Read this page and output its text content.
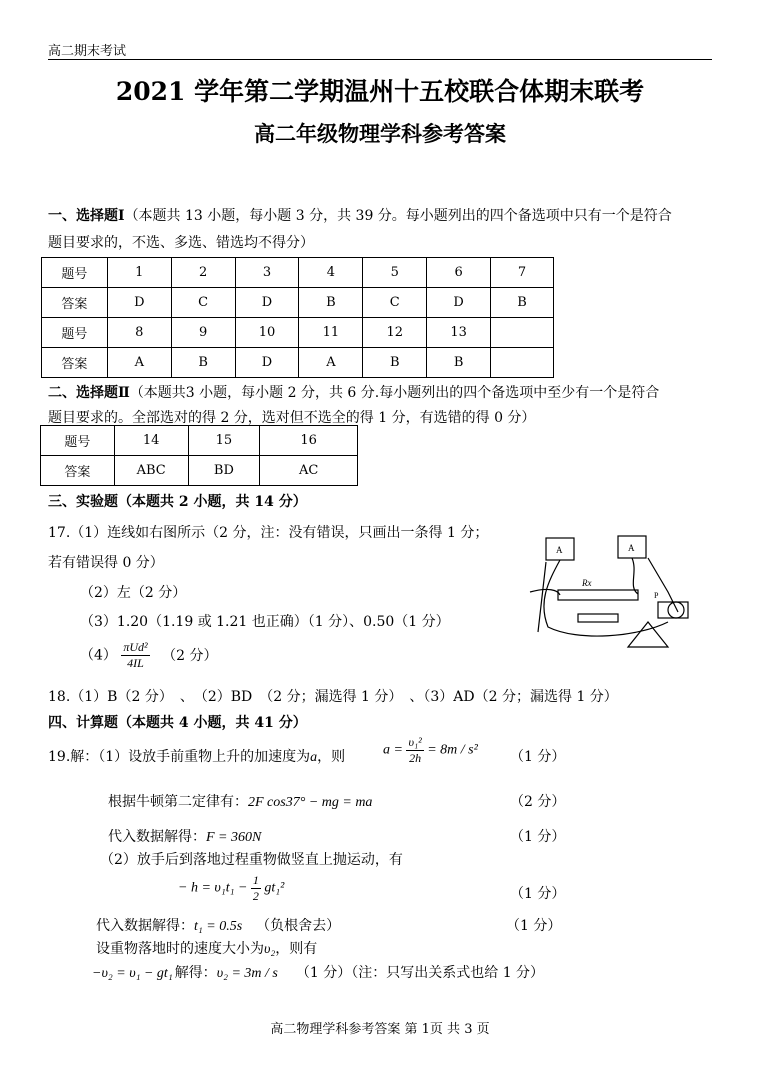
高二期末考试
2021 学年第二学期温州十五校联合体期末联考
高二年级物理学科参考答案
一、选择题Ⅰ（本题共 13 小题，每小题 3 分，共 39 分。每小题列出的四个备选项中只有一个是符合
题目要求的，不选、多选、错选均不得分）
题号	1	2	3	4	5	6	7
答案	D	C	D	B	C	D	B
题号	8	9	10	11	12	13	
答案	A	B	D	A	B	B	
二、选择题Ⅱ（本题共3 小题，每小题 2 分，共 6 分.每小题列出的四个备选项中至少有一个是符合
题目要求的。全部选对的得 2 分，选对但不选全的得 1 分，有选错的得 0 分）
题号	14	15	16
答案	ABC	BD	AC
三、实验题（本题共 2 小题，共 14 分）
17.（1）连线如右图所示（2 分，注：没有错误，只画出一条得 1 分；
若有错误得 0 分）
（2）左（2 分）
（3）1.20（1.19 或 1.21 也正确）（1 分）、0.50（1 分）
$(4) \frac{\text{πUd²}}{4IL} (2$ 分）
Rx
A	A
P
18.（1）B（2 分）　、　（2）BD　（2 分；漏选得 1 分）　、（3）AD（2 分；漏选得 1 分）
四、计算题（本题共 4 小题，共 41 分）
19.解：（1）设放手前重物上升的加速度为a，则	$a = \frac{\text{υ₁²}}{2h} = 8m / s^2$ （1 分）
根据牛顿第二定律有：2F cos37° − mg = ma	（2 分）
代入数据解得：F = 360N	（1 分）
（2）放手后到落地过程重物做竖直上抛运动，有
− $h = \upsilon_1t_1 - \frac{1}{2} gt_1^2$	（1 分）
代入数据解得：t₁ = 0.5s （负根舍去）	（1 分）
设重物落地时的速度大小为υ₂，则有
−υ₂ = υ₁ − gt₁ 解得：υ₂ = 3m / s （1 分）（注：只写出关系式也给 1 分）
高二物理学科参考答案 第 1页 共 3 页
